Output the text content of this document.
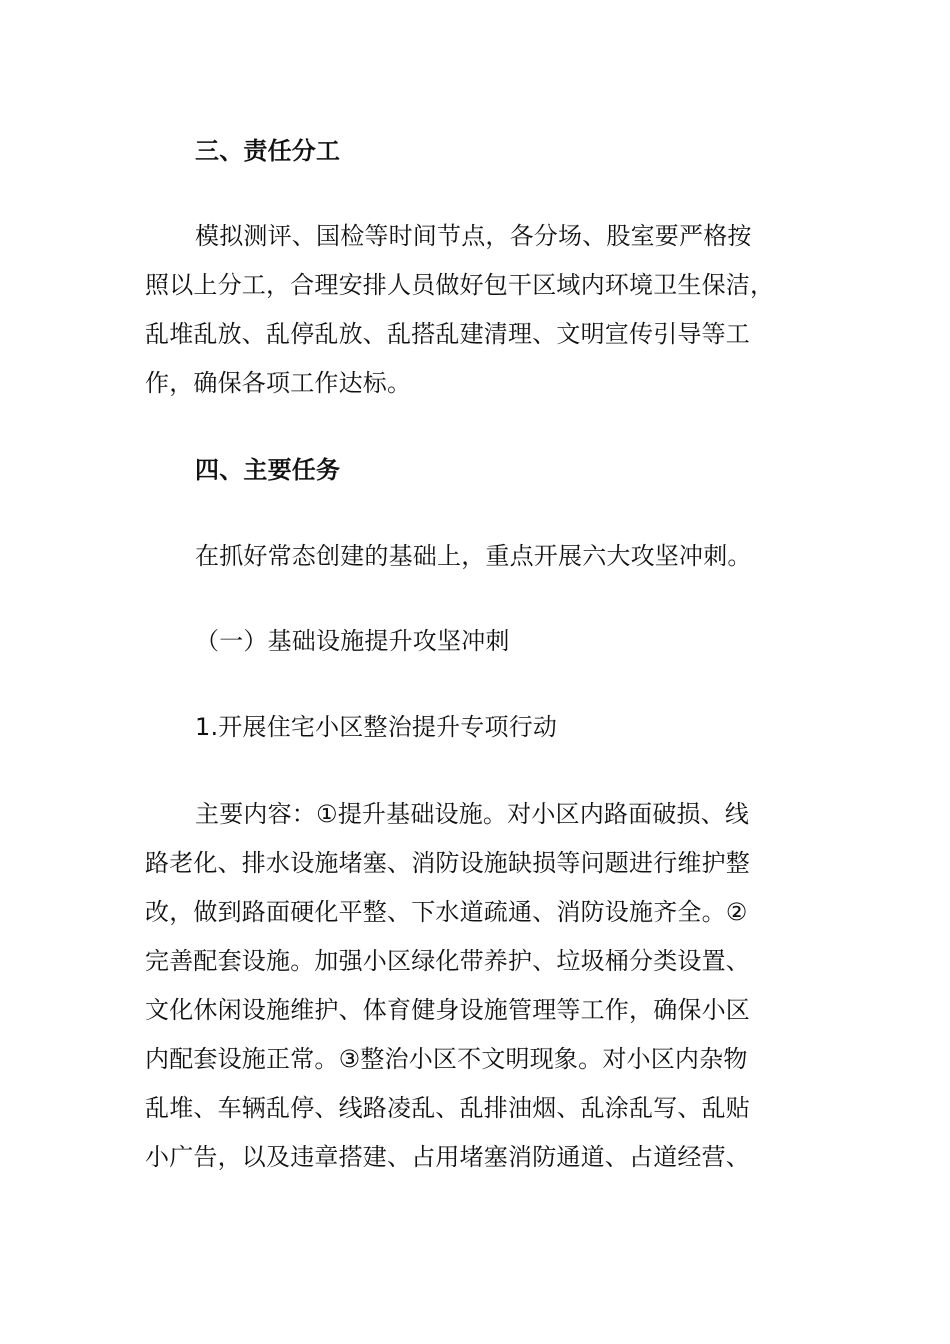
三、责任分工
模拟测评、国检等时间节点，各分场、股室要严格按
照以上分工，合理安排人员做好包干区域内环境卫生保洁，
乱堆乱放、乱停乱放、乱搭乱建清理、文明宣传引导等工
作，确保各项工作达标。
四、主要任务
在抓好常态创建的基础上，重点开展六大攻坚冲刺。
（一）基础设施提升攻坚冲刺
1.开展住宅小区整治提升专项行动
主要内容：①提升基础设施。对小区内路面破损、线
路老化、排水设施堵塞、消防设施缺损等问题进行维护整
改，做到路面硬化平整、下水道疏通、消防设施齐全。②
完善配套设施。加强小区绿化带养护、垃圾桶分类设置、
文化休闲设施维护、体育健身设施管理等工作，确保小区
内配套设施正常。③整治小区不文明现象。对小区内杂物
乱堆、车辆乱停、线路凌乱、乱排油烟、乱涂乱写、乱贴
小广告，以及违章搭建、占用堵塞消防通道、占道经营、
